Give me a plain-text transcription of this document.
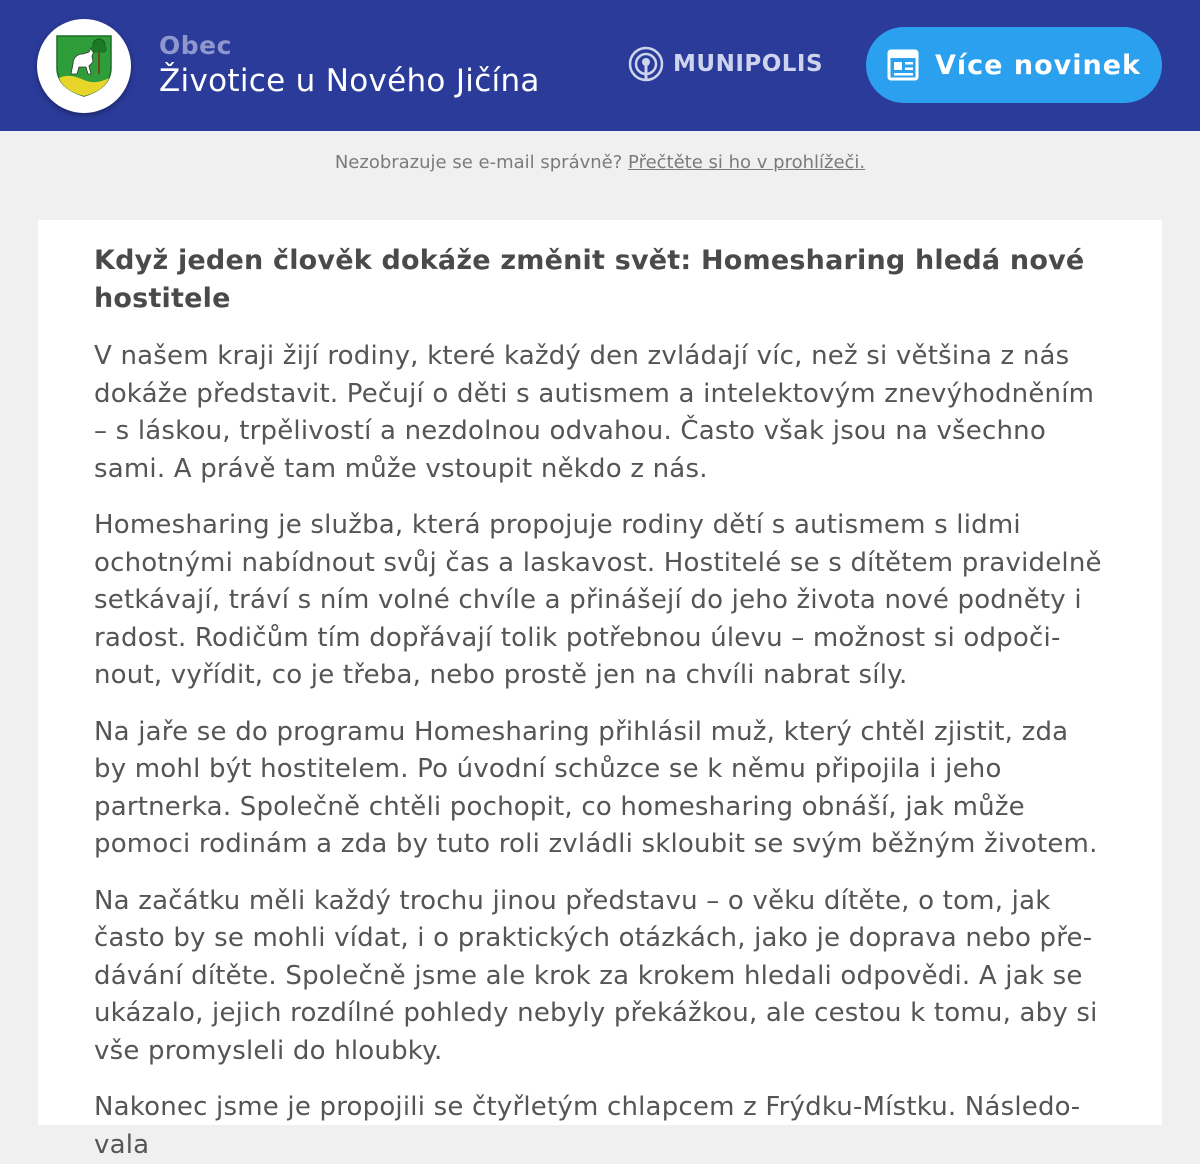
Obec
Životice u Nového Jičína	MUNIPOLIS	Více novinek
Nezobrazuje se e-mail správně? Přečtěte si ho v prohlížeči.
Když jeden člověk dokáže změnit svět: Homesharing hledá nové hostitele

V našem kraji žijí rodiny, které každý den zvládají víc, než si většina z nás dokáže představit. Pečují o děti s autismem a intelektovým znevýhodněním – s láskou, trpělivostí a nezdolnou odvahou. Často však jsou na všechno sami. A právě tam může vstoupit někdo z nás.

Homesharing je služba, která propojuje rodiny dětí s autismem s lidmi ochotnými nabídnout svůj čas a laskavost. Hostitelé se s dítětem pravidelně setkávají, tráví s ním volné chvíle a přinášejí do jeho života nové podněty i radost. Rodičům tím dopřávají tolik potřebnou úlevu – možnost si odpočinout, vyřídit, co je třeba, nebo prostě jen na chvíli nabrat síly.

Na jaře se do programu Homesharing přihlásil muž, který chtěl zjistit, zda by mohl být hostitelem. Po úvodní schůzce se k němu připojila i jeho partnerka. Společně chtěli pochopit, co homesharing obnáší, jak může pomoci rodinám a zda by tuto roli zvládli skloubit se svým běžným životem.

Na začátku měli každý trochu jinou představu – o věku dítěte, o tom, jak často by se mohli vídat, i o praktických otázkách, jako je doprava nebo předávání dítěte. Společně jsme ale krok za krokem hledali odpovědi. A jak se ukázalo, jejich rozdílné pohledy nebyly překážkou, ale cestou k tomu, aby si vše promysleli do hloubky.

Nakonec jsme je propojili se čtyřletým chlapcem z Frýdku-Místku. Následovala
